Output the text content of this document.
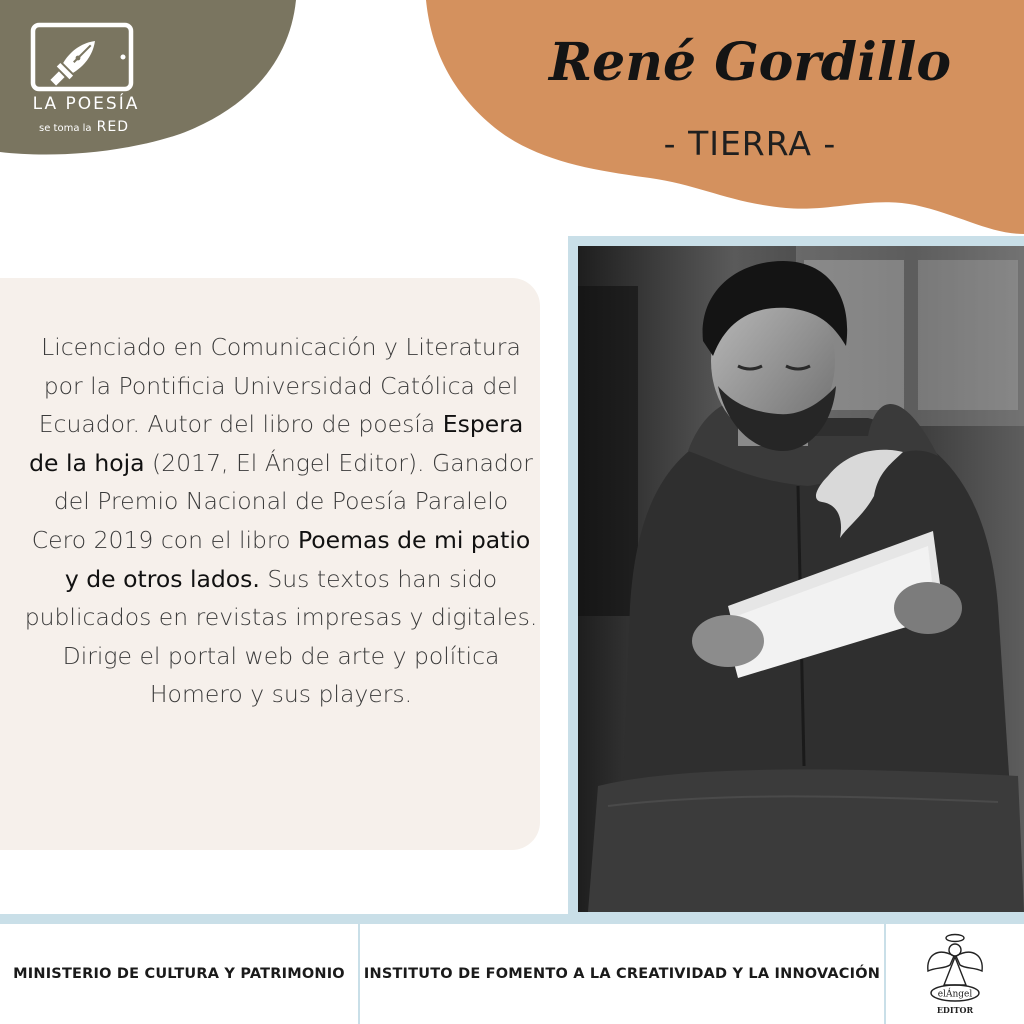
LA POESÍA
se toma la RED
René Gordillo
- TIERRA -
Licenciado en Comunicación y Literatura por la Pontificia Universidad Católica del Ecuador. Autor del libro de poesía Espera de la hoja (2017, El Ángel Editor). Ganador del Premio Nacional de Poesía Paralelo Cero 2019 con el libro Poemas de mi patio y de otros lados. Sus textos han sido publicados en revistas impresas y digitales. Dirige el portal web de arte y política Homero y sus players.
MINISTERIO DE CULTURA Y PATRIMONIO INSTITUTO DE FOMENTO A LA CREATIVIDAD Y LA INNOVACIÓN
elÁngel
EDITOR
